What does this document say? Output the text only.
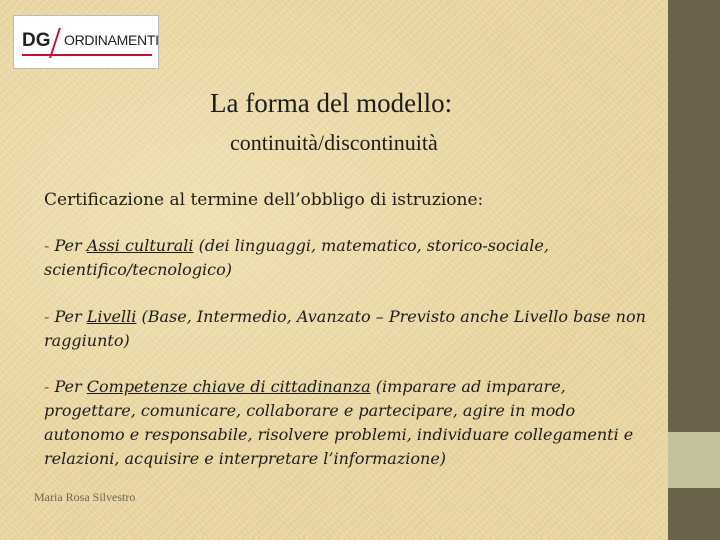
DG ORDINAMENTI
La forma del modello:
continuità/discontinuità
Certificazione al termine dell’obbligo di istruzione:
- Per Assi culturali (dei linguaggi, matematico, storico-sociale, scientifico/tecnologico)
- Per Livelli (Base, Intermedio, Avanzato – Previsto anche Livello base non raggiunto)
- Per Competenze chiave di cittadinanza (imparare ad imparare, progettare, comunicare, collaborare e partecipare, agire in modo autonomo e responsabile, risolvere problemi, individuare collegamenti e relazioni, acquisire e interpretare l’informazione)
Maria Rosa Silvestro
